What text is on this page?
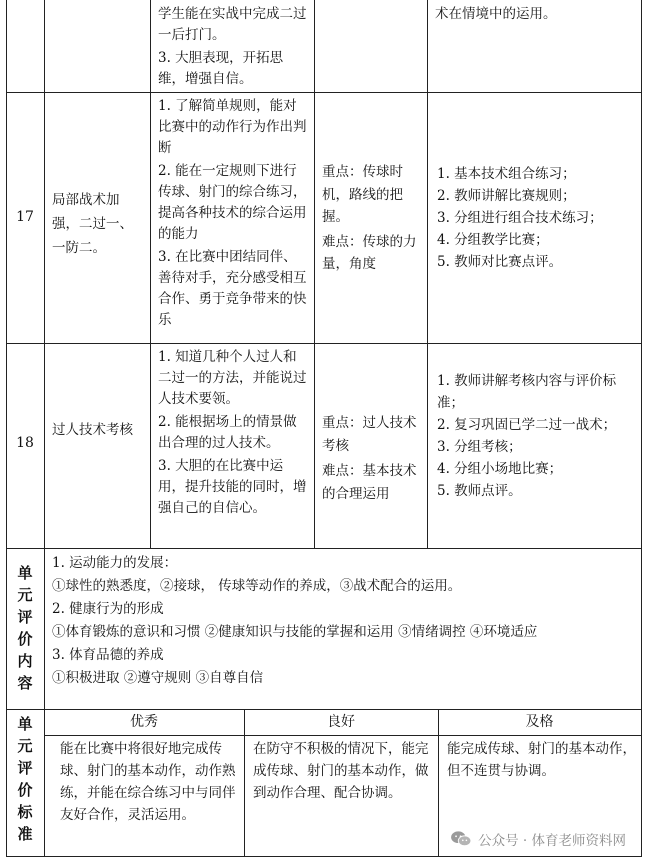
学生能在实战中完成二过一后打门。

3. 大胆表现，开拓思维，增强自信。

术在情境中的运用。

17
局部战术加强，二过一、一防二。

1. 了解简单规则，能对比赛中的动作行为作出判断

2. 能在一定规则下进行传球、射门的综合练习，提高各种技术的综合运用的能力

3. 在比赛中团结同伴、善待对手，充分感受相互合作、勇于竞争带来的快乐

重点：传球时机，路线的把握。

难点：传球的力量，角度

1. 基本技术组合练习；
2. 教师讲解比赛规则；
3. 分组进行组合技术练习；
4. 分组教学比赛；
5. 教师对比赛点评。
18
过人技术考核

1. 知道几种个人过人和二过一的方法，并能说过人技术要领。

2. 能根据场上的情景做出合理的过人技术。

3. 大胆的在比赛中运用，提升技能的同时，增强自己的自信心。

重点：过人技术考核

难点：基本技术的合理运用

1. 教师讲解考核内容与评价标准；
2. 复习巩固已学二过一战术；
3. 分组考核；
4. 分组小场地比赛；
5. 教师点评。
单
元
评
价
内
容
1. 运动能力的发展：
①球性的熟悉度，②接球， 传球等动作的养成，③战术配合的运用。
2. 健康行为的形成
①体育锻炼的意识和习惯 ②健康知识与技能的掌握和运用 ③情绪调控 ④环境适应
3. 体育品德的养成
①积极进取 ②遵守规则 ③自尊自信
单
元
评
价
标
准
优秀	良好	及格
能在比赛中将很好地完成传球、射门的基本动作，动作熟练，并能在综合练习中与同伴友好合作，灵活运用。
在防守不积极的情况下，能完成传球、射门的基本动作，做到动作合理、配合协调。
能完成传球、射门的基本动作，但不连贯与协调。
公众号 · 体育老师资料网
